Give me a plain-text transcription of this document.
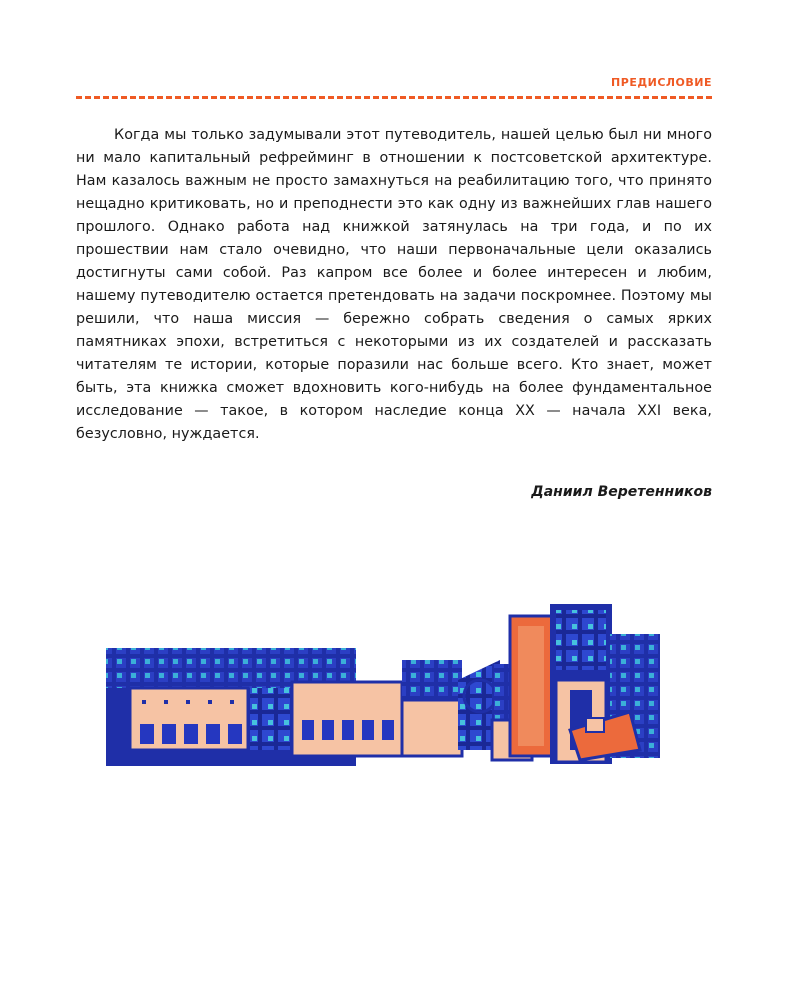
ПРЕДИСЛОВИЕ

Когда мы только задумывали этот путеводитель, нашей целью был ни много ни мало капитальный рефрейминг в отношении к постсоветской архитектуре. Нам казалось важным не просто замахнуться на реабилитацию того, что принято нещадно критиковать, но и преподнести это как одну из важнейших глав нашего прошлого. Однако работа над книжкой затянулась на три года, и по их прошествии нам стало очевидно, что наши первоначальные цели оказались достигнуты сами собой. Раз капром все более и более интересен и любим, нашему путеводителю остается претендовать на задачи поскромнее. Поэтому мы решили, что наша миссия — бережно собрать сведения о самых ярких памятниках эпохи, встретиться с некоторыми из их создателей и рассказать читателям те истории, которые поразили нас больше всего. Кто знает, может быть, эта книжка сможет вдохновить кого-нибудь на более фундаментальное исследование — такое, в котором наследие конца XX — начала XXI века, безусловно, нуждается.

Даниил Веретенников
